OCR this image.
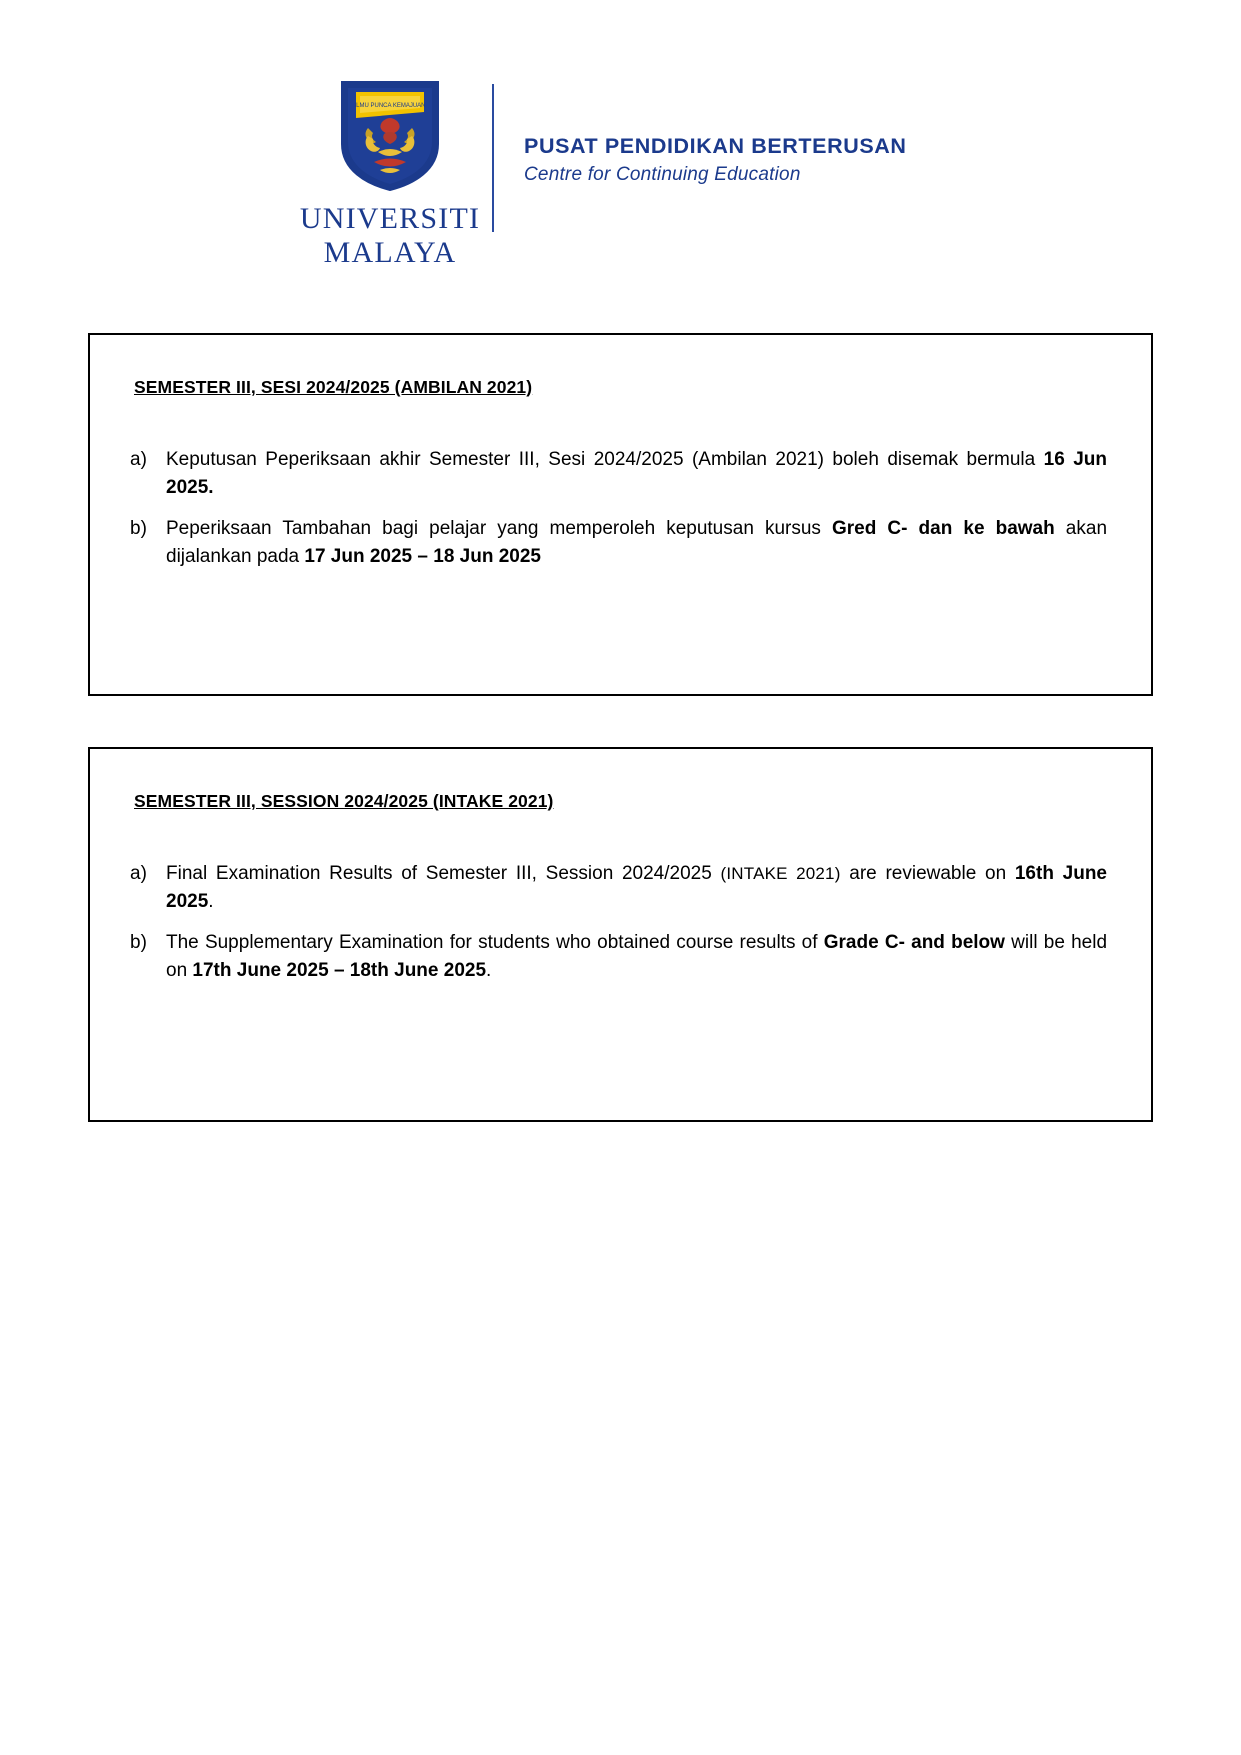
ILMU PUNCA KEMAJUAN
UNIVERSITI
MALAYA
PUSAT PENDIDIKAN BERTERUSAN
Centre for Continuing Education
SEMESTER III, SESI 2024/2025 (AMBILAN 2021)
a)	Keputusan Peperiksaan akhir Semester III, Sesi 2024/2025 (Ambilan 2021) boleh disemak bermula 16 Jun 2025.
b)	Peperiksaan Tambahan bagi pelajar yang memperoleh keputusan kursus Gred C- dan ke bawah akan dijalankan pada 17 Jun 2025 – 18 Jun 2025
SEMESTER III, SESSION 2024/2025 (INTAKE 2021)
a)	Final Examination Results of Semester III, Session 2024/2025 (INTAKE 2021) are reviewable on 16th June 2025.
b)	The Supplementary Examination for students who obtained course results of Grade C- and below will be held on 17th June 2025 – 18th June 2025.
